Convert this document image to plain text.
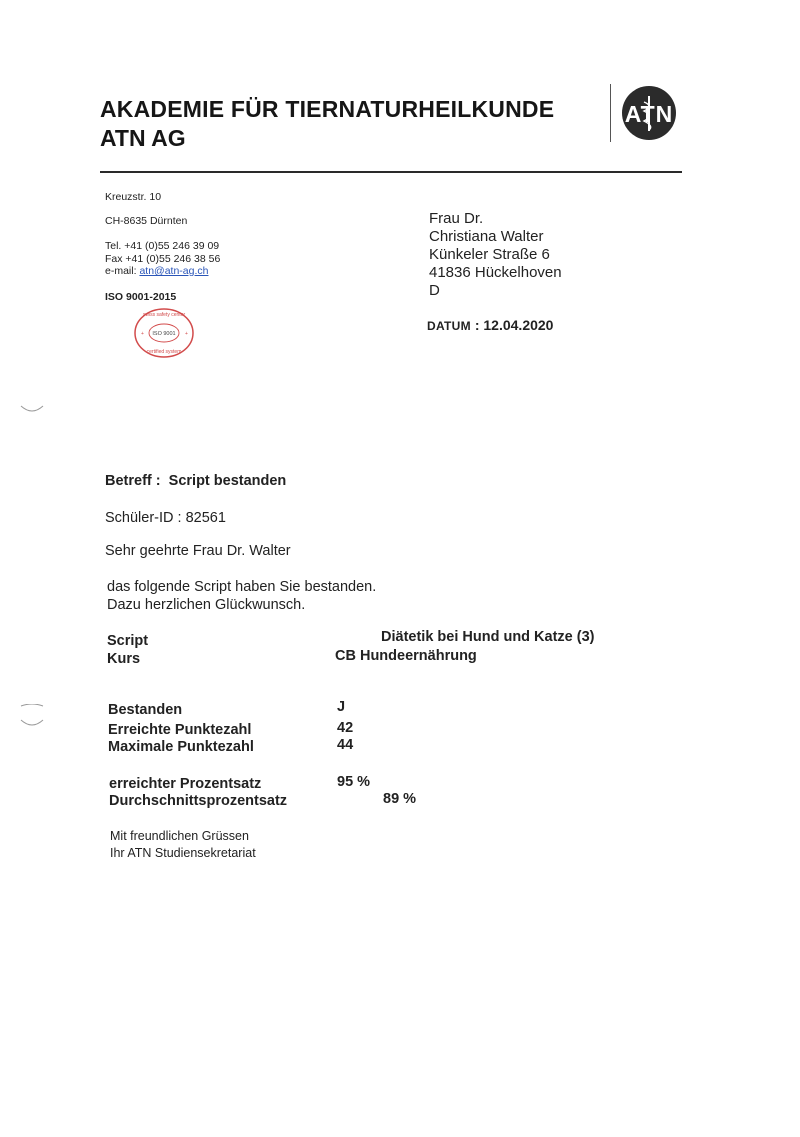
AKADEMIE FÜR TIERNATURHEILKUNDE
ATN AG
ATN
Kreuzstr. 10
CH-8635 Dürnten
Tel. +41 (0)55 246 39 09
Fax +41 (0)55 246 38 56
e-mail: atn@atn-ag.ch
ISO 9001-2015
ISO 9001
swiss safety center
certified system
+	+
Frau Dr.
Christiana Walter
Künkeler Straße 6
41836 Hückelhoven
D
DATUM : 12.04.2020
Betreff : Script bestanden
Schüler-ID : 82561
Sehr geehrte Frau Dr. Walter
das folgende Script haben Sie bestanden.
Dazu herzlichen Glückwunsch.
Script	Diätetik bei Hund und Katze (3)
Kurs	CB Hundeernährung
Bestanden	J
Erreichte Punktezahl	42
Maximale Punktezahl	44
erreichter Prozentsatz	95 %
Durchschnittsprozentsatz	89 %
Mit freundlichen Grüssen
Ihr ATN Studiensekretariat
